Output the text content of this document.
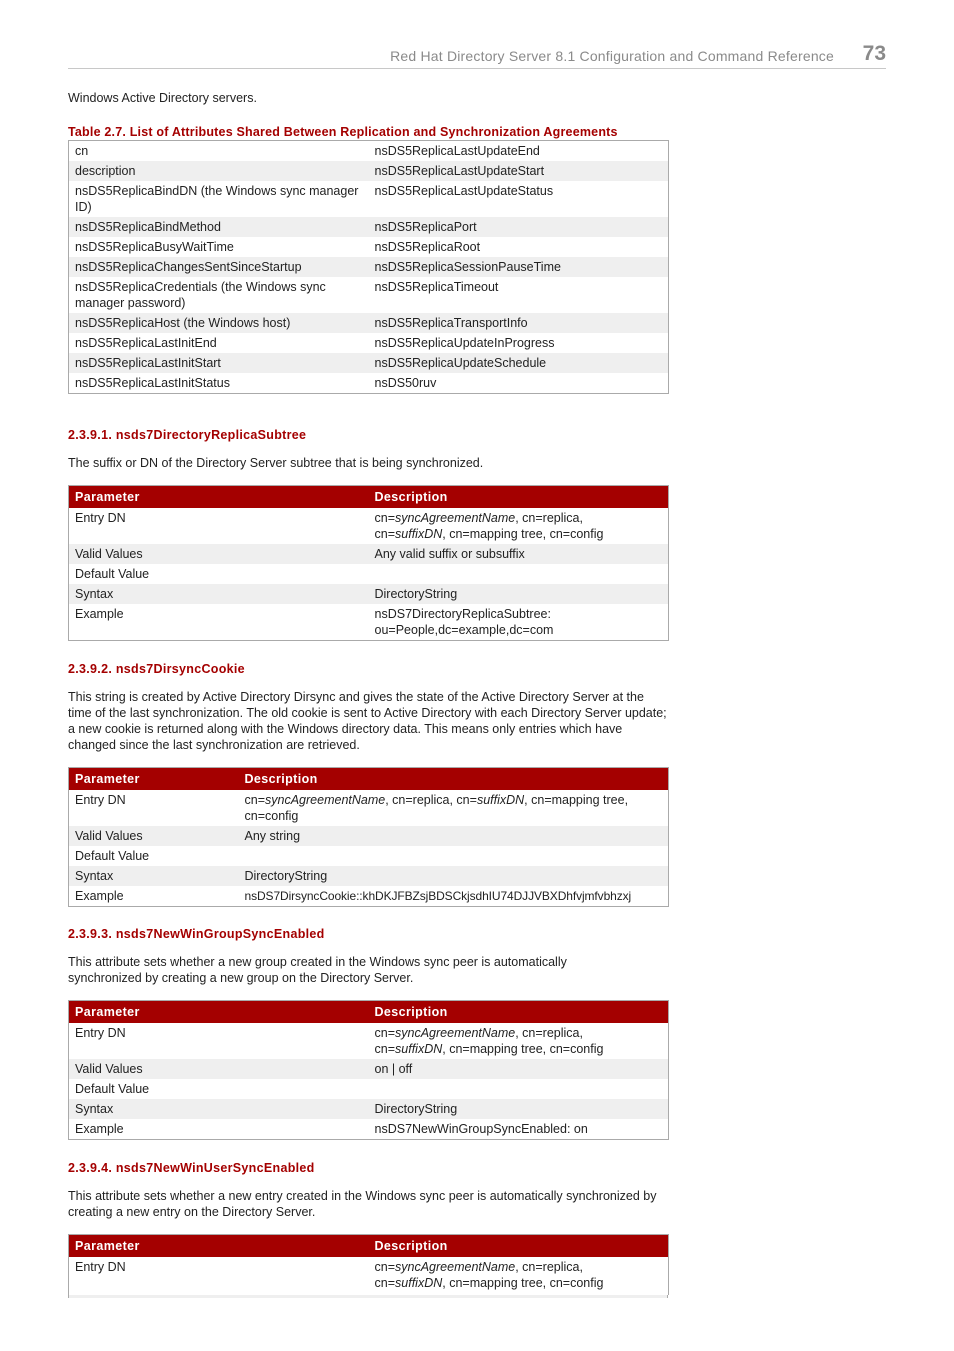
Red Hat Directory Server 8.1 Configuration and Command Reference 73

Windows Active Directory servers.

Table 2.7. List of Attributes Shared Between Replication and Synchronization Agreements
cn	nsDS5ReplicaLastUpdateEnd
description	nsDS5ReplicaLastUpdateStart
nsDS5ReplicaBindDN (the Windows sync manager ID)	nsDS5ReplicaLastUpdateStatus
nsDS5ReplicaBindMethod	nsDS5ReplicaPort
nsDS5ReplicaBusyWaitTime	nsDS5ReplicaRoot
nsDS5ReplicaChangesSentSinceStartup	nsDS5ReplicaSessionPauseTime
nsDS5ReplicaCredentials (the Windows sync manager password)	nsDS5ReplicaTimeout
nsDS5ReplicaHost (the Windows host)	nsDS5ReplicaTransportInfo
nsDS5ReplicaLastInitEnd	nsDS5ReplicaUpdateInProgress
nsDS5ReplicaLastInitStart	nsDS5ReplicaUpdateSchedule
nsDS5ReplicaLastInitStatus	nsDS50ruv
2.3.9.1. nsds7DirectoryReplicaSubtree

The suffix or DN of the Directory Server subtree that is being synchronized.

Parameter	Description
Entry DN	cn=syncAgreementName, cn=replica,
cn=suffixDN, cn=mapping tree, cn=config
Valid Values	Any valid suffix or subsuffix
Default Value	
Syntax	DirectoryString
Example	nsDS7DirectoryReplicaSubtree:
ou=People,dc=example,dc=com
2.3.9.2. nsds7DirsyncCookie

This string is created by Active Directory Dirsync and gives the state of the Active Directory Server at the time of the last synchronization. The old cookie is sent to Active Directory with each Directory Server update; a new cookie is returned along with the Windows directory data. This means only entries which have changed since the last synchronization are retrieved.

Parameter	Description
Entry DN	cn=syncAgreementName, cn=replica, cn=suffixDN, cn=mapping tree,
cn=config
Valid Values	Any string
Default Value	
Syntax	DirectoryString
Example	nsDS7DirsyncCookie::khDKJFBZsjBDSCkjsdhIU74DJJVBXDhfvjmfvbhzxj
2.3.9.3. nsds7NewWinGroupSyncEnabled

This attribute sets whether a new group created in the Windows sync peer is automatically synchronized by creating a new group on the Directory Server.

Parameter	Description
Entry DN	cn=syncAgreementName, cn=replica,
cn=suffixDN, cn=mapping tree, cn=config
Valid Values	on | off
Default Value	
Syntax	DirectoryString
Example	nsDS7NewWinGroupSyncEnabled: on
2.3.9.4. nsds7NewWinUserSyncEnabled

This attribute sets whether a new entry created in the Windows sync peer is automatically synchronized by creating a new entry on the Directory Server.

Parameter	Description
Entry DN	cn=syncAgreementName, cn=replica,
cn=suffixDN, cn=mapping tree, cn=config
